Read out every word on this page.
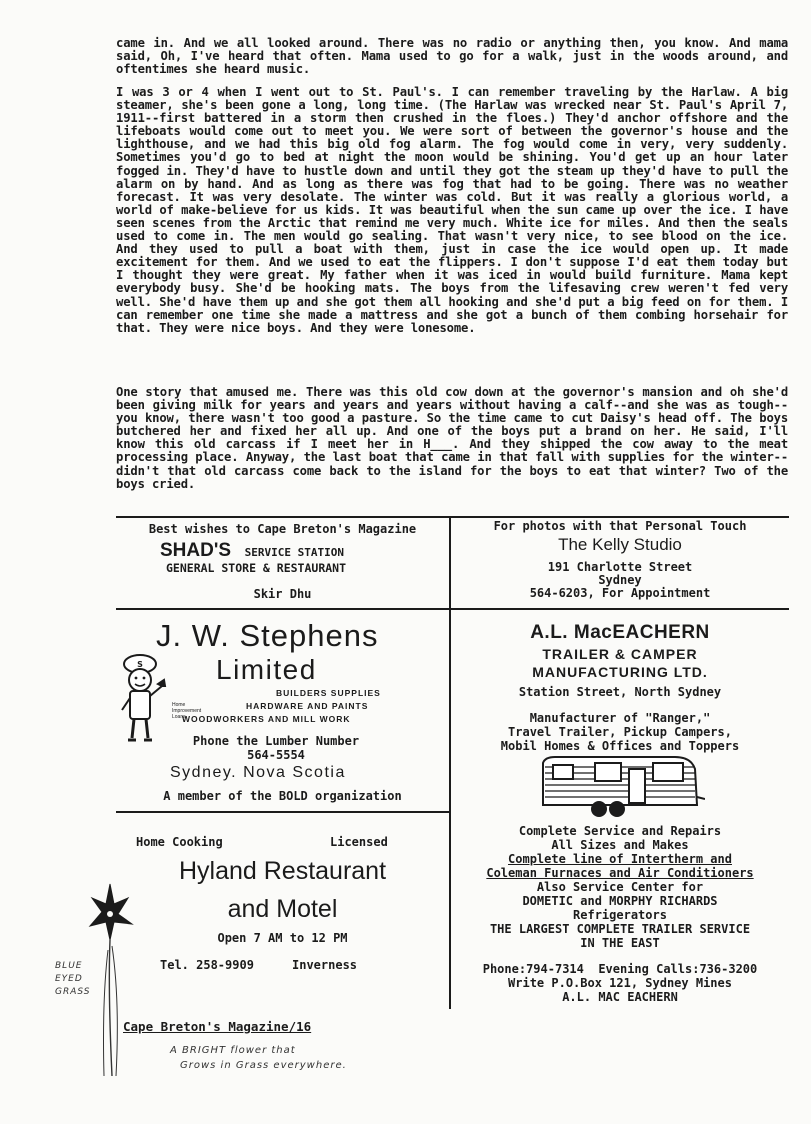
came in. And we all looked around. There was no radio or anything then, you know. And mama said, Oh, I've heard that often. Mama used to go for a walk, just in the woods around, and oftentimes she heard music.
I was 3 or 4 when I went out to St. Paul's. I can remember traveling by the Harlaw. A big steamer, she's been gone a long, long time. (The Harlaw was wrecked near St. Paul's April 7, 1911--first battered in a storm then crushed in the floes.) They'd anchor offshore and the lifeboats would come out to meet you. We were sort of between the governor's house and the lighthouse, and we had this big old fog alarm. The fog would come in very, very suddenly. Sometimes you'd go to bed at night the moon would be shining. You'd get up an hour later fogged in. They'd have to hustle down and until they got the steam up they'd have to pull the alarm on by hand. And as long as there was fog that had to be going. There was no weather forecast. It was very desolate. The winter was cold. But it was really a glorious world, a world of make-believe for us kids. It was beautiful when the sun came up over the ice. I have seen scenes from the Arctic that remind me very much. White ice for miles. And then the seals used to come in. The men would go sealing. That wasn't very nice, to see blood on the ice. And they used to pull a boat with them, just in case the ice would open up. It made excitement for them. And we used to eat the flippers. I don't suppose I'd eat them today but I thought they were great. My father when it was iced in would build furniture. Mama kept everybody busy. She'd be hooking mats. The boys from the lifesaving crew weren't fed very well. She'd have them up and she got them all hooking and she'd put a big feed on for them. I can remember one time she made a mattress and she got a bunch of them combing horsehair for that. They were nice boys. And they were lonesome.
One story that amused me. There was this old cow down at the governor's mansion and oh she'd been giving milk for years and years and years without having a calf--and she was as tough--you know, there wasn't too good a pasture. So the time came to cut Daisy's head off. The boys butchered her and fixed her all up. And one of the boys put a brand on her. He said, I'll know this old carcass if I meet her in H___. And they shipped the cow away to the meat processing place. Anyway, the last boat that came in that fall with supplies for the winter--didn't that old carcass come back to the island for the boys to eat that winter? Two of the boys cried.
Best wishes to Cape Breton's Magazine
SHAD'S SERVICE STATION
GENERAL STORE & RESTAURANT
Skir Dhu
For photos with that Personal Touch
The Kelly Studio
191 Charlotte Street
Sydney
564-6203, For Appointment
J. W. Stephens
Limited
S
Home
Improvement
Loans
BUILDERS SUPPLIES
HARDWARE AND PAINTS
WOODWORKERS AND MILL WORK
Phone the Lumber Number
564-5554
Sydney. Nova Scotia
A member of the BOLD organization
A.L. MacEACHERN
TRAILER & CAMPER
MANUFACTURING LTD.
Station Street, North Sydney
Manufacturer of "Ranger,"
Travel Trailer, Pickup Campers,
Mobil Homes & Offices and Toppers
Complete Service and Repairs
All Sizes and Makes
Complete line of Intertherm and
Coleman Furnaces and Air Conditioners
Also Service Center for
DOMETIC and MORPHY RICHARDS
Refrigerators
THE LARGEST COMPLETE TRAILER SERVICE
IN THE EAST
Phone:794-7314  Evening Calls:736-3200
Write P.O.Box 121, Sydney Mines
A.L. MAC EACHERN
Home Cooking	Licensed
Hyland Restaurant
and Motel
Open 7 AM to 12 PM
Tel. 258-9909	Inverness
BLUE
EYED
GRASS
Cape Breton's Magazine/16
A BRIGHT flower that
Grows in Grass everywhere.
